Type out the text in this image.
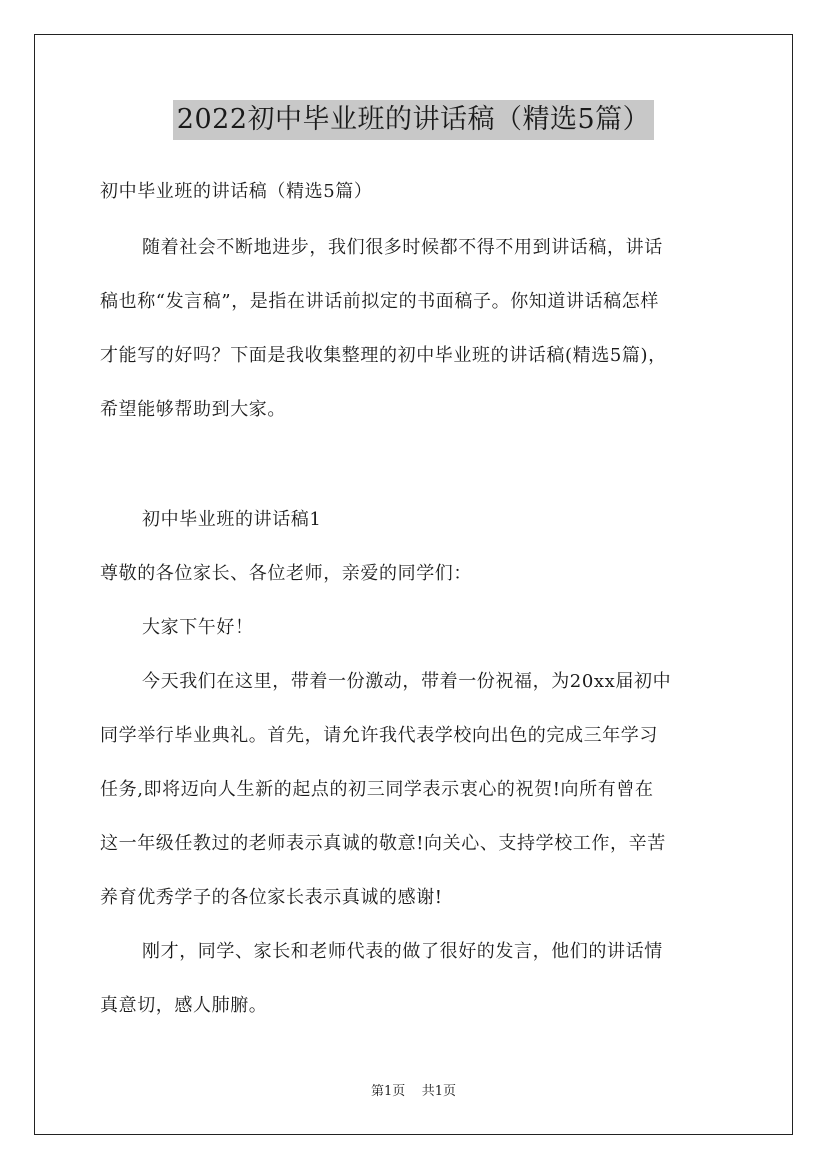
2022初中毕业班的讲话稿（精选5篇）
初中毕业班的讲话稿（精选5篇）
随着社会不断地进步，我们很多时候都不得不用到讲话稿，讲话
稿也称“发言稿”，是指在讲话前拟定的书面稿子。你知道讲话稿怎样
才能写的好吗？下面是我收集整理的初中毕业班的讲话稿(精选5篇)，
希望能够帮助到大家。
初中毕业班的讲话稿1
尊敬的各位家长、各位老师，亲爱的同学们：
大家下午好！
今天我们在这里，带着一份激动，带着一份祝福，为20xx届初中
同学举行毕业典礼。首先，请允许我代表学校向出色的完成三年学习
任务,即将迈向人生新的起点的初三同学表示衷心的祝贺!向所有曾在
这一年级任教过的老师表示真诚的敬意!向关心、支持学校工作，辛苦
养育优秀学子的各位家长表示真诚的感谢!
刚才，同学、家长和老师代表的做了很好的发言，他们的讲话情
真意切，感人肺腑。
第1页 共1页
